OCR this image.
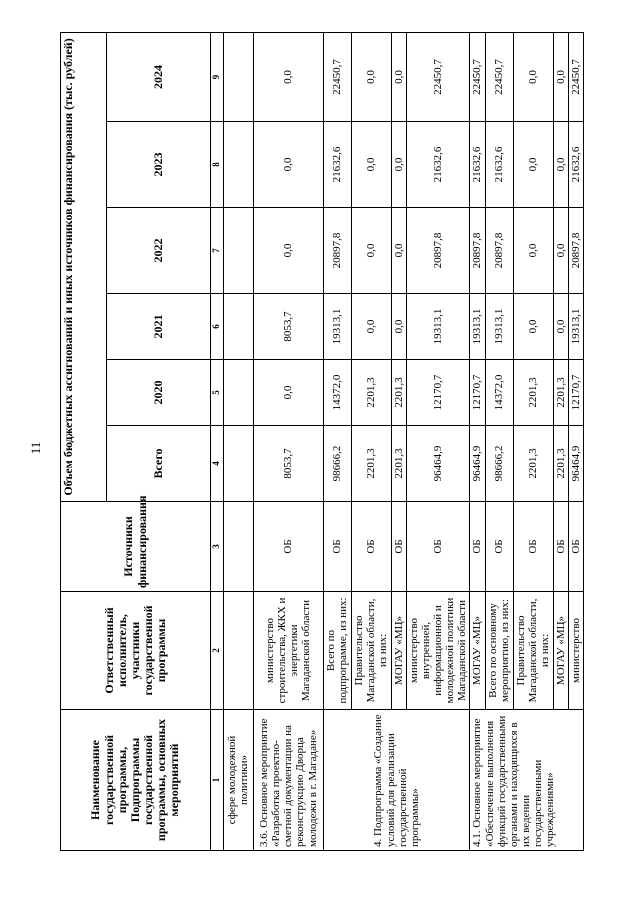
11
Наименование государственной программы, Подпрограммы государственной программы, основных мероприятий	Ответственный исполнитель, участники государственной программы	Источники финансирования	Объем бюджетных ассигнований и иных источников финансирования (тыс. рублей)					
			Всего	2020	2021	2022	2023	2024
1	2	3	4	5	6	7	8	9
сфере молодежной политики»								
3.6. Основное мероприятие «Разработка проектно-сметной документации на реконструкцию Дворца молодежи в г. Магадане»	министерство строительства, ЖКХ и энергетики Магаданской области	ОБ	8053,7	0,0	8053,7	0,0	0,0	0,0
4. Подпрограмма «Создание условий для реализации государственной программы»	Всего по подпрограмме, из них:	ОБ	98666,2	14372,0	19313,1	20897,8	21632,6	22450,7
	Правительство Магаданской области, из них:	ОБ	2201,3	2201,3	0,0	0,0	0,0	0,0
	МОГАУ «МЦ»	ОБ	2201,3	2201,3	0,0	0,0	0,0	0,0
	министерство внутренней, информационной и молодежной политики Магаданской области	ОБ	96464,9	12170,7	19313,1	20897,8	21632,6	22450,7
4.1. Основное мероприятие «Обеспечение выполнения функций государственными органами и находящихся в их ведении государственными учреждениями»	МОГАУ «МЦ»	ОБ	96464,9	12170,7	19313,1	20897,8	21632,6	22450,7
	Всего по основному мероприятию, из них:	ОБ	98666,2	14372,0	19313,1	20897,8	21632,6	22450,7
	Правительство Магаданской области, из них:	ОБ	2201,3	2201,3	0,0	0,0	0,0	0,0
	МОГАУ «МЦ»	ОБ	2201,3	2201,3	0,0	0,0	0,0	0,0
	министерство	ОБ	96464,9	12170,7	19313,1	20897,8	21632,6	22450,7
